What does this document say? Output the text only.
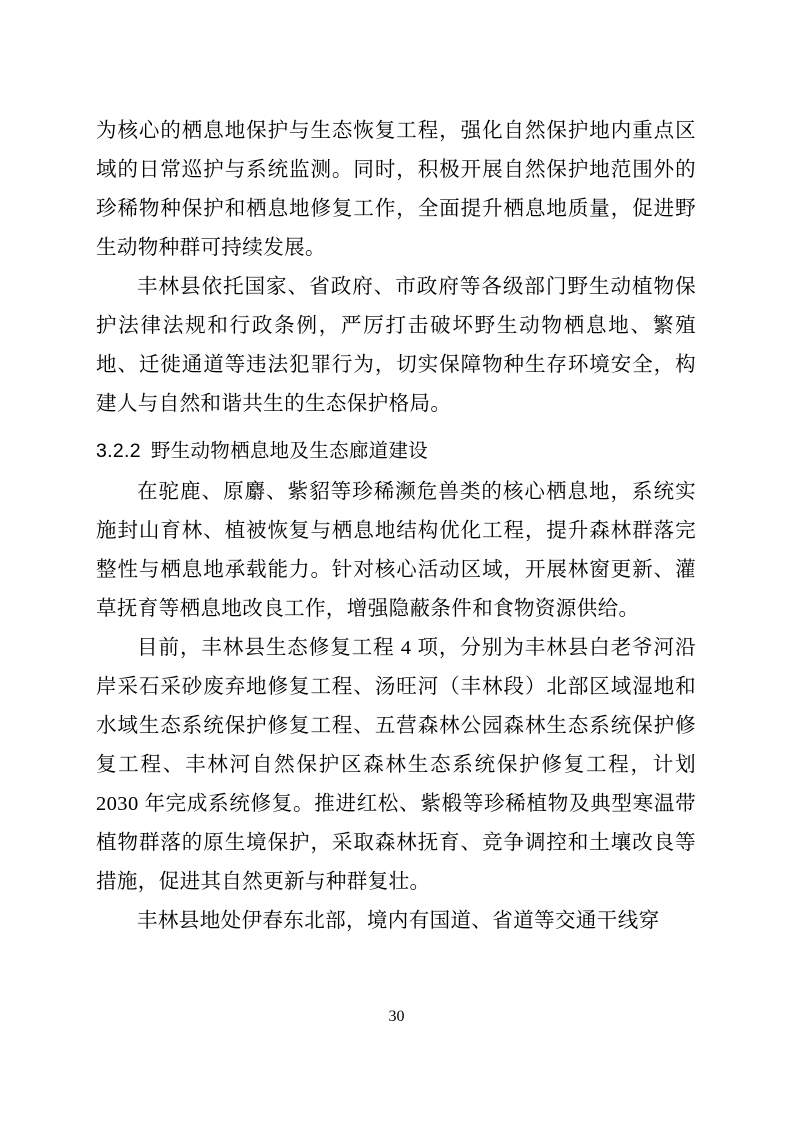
为核心的栖息地保护与生态恢复工程，强化自然保护地内重点区域的日常巡护与系统监测。同时，积极开展自然保护地范围外的珍稀物种保护和栖息地修复工作，全面提升栖息地质量，促进野生动物种群可持续发展。

丰林县依托国家、省政府、市政府等各级部门野生动植物保护法律法规和行政条例，严厉打击破坏野生动物栖息地、繁殖地、迁徙通道等违法犯罪行为，切实保障物种生存环境安全，构建人与自然和谐共生的生态保护格局。

3.2.2 野生动物栖息地及生态廊道建设

在驼鹿、原麝、紫貂等珍稀濒危兽类的核心栖息地，系统实施封山育林、植被恢复与栖息地结构优化工程，提升森林群落完整性与栖息地承载能力。针对核心活动区域，开展林窗更新、灌草抚育等栖息地改良工作，增强隐蔽条件和食物资源供给。

目前，丰林县生态修复工程 4 项，分别为丰林县白老爷河沿岸采石采砂废弃地修复工程、汤旺河（丰林段）北部区域湿地和水域生态系统保护修复工程、五营森林公园森林生态系统保护修复工程、丰林河自然保护区森林生态系统保护修复工程，计划 2030 年完成系统修复。推进红松、紫椴等珍稀植物及典型寒温带植物群落的原生境保护，采取森林抚育、竞争调控和土壤改良等措施，促进其自然更新与种群复壮。

丰林县地处伊春东北部，境内有国道、省道等交通干线穿

30
